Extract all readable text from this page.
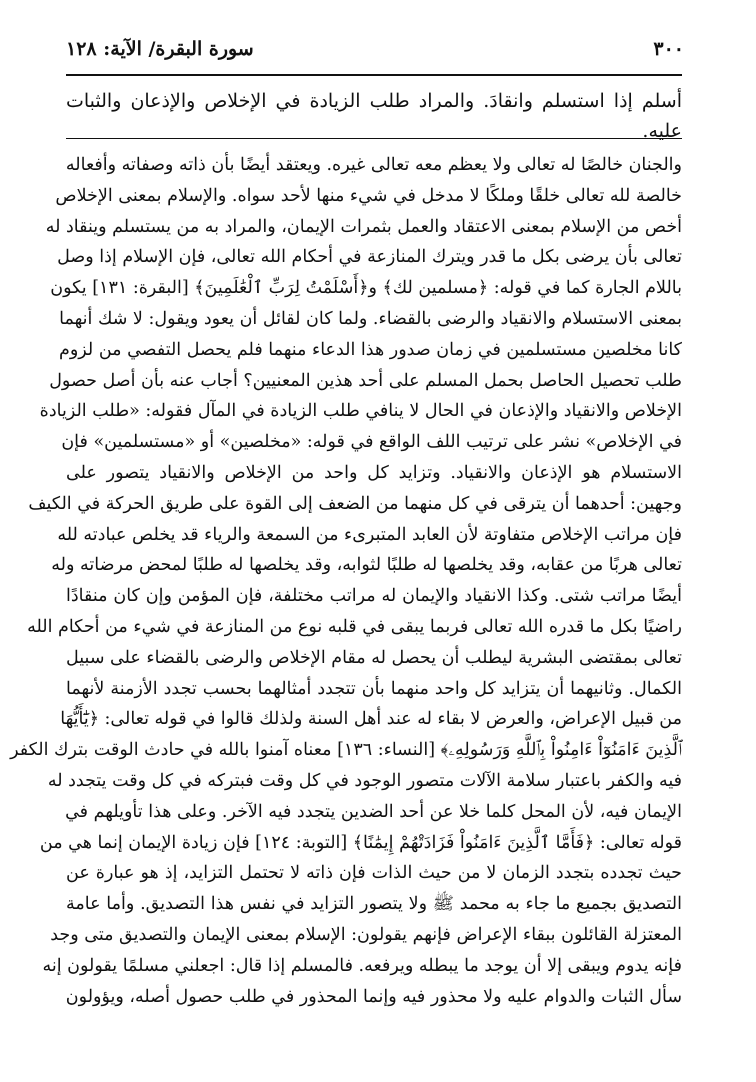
٣٠٠
سورة البقرة/ الآية: ١٢٨
أسلم إذا استسلم وانقادَ. والمراد طلب الزيادة في الإخلاص والإذعان والثبات عليه.
والجنان خالصًا له تعالى ولا يعظم معه تعالى غيره. ويعتقد أيضًا بأن ذاته وصفاته وأفعاله
خالصة لله تعالى خلقًا وملكًا لا مدخل في شيء منها لأحد سواه. والإسلام بمعنى الإخلاص
أخص من الإسلام بمعنى الاعتقاد والعمل بثمرات الإيمان، والمراد به من يستسلم وينقاد له
تعالى بأن يرضى بكل ما قدر ويترك المنازعة في أحكام الله تعالى، فإن الإسلام إذا وصل
باللام الجارة كما في قوله: ﴿مسلمين لك﴾ و﴿أَسْلَمْتُ لِرَبِّ ٱلْعَٰلَمِينَ﴾ [البقرة: ١٣١] يكون
بمعنى الاستسلام والانقياد والرضى بالقضاء. ولما كان لقائل أن يعود ويقول: لا شك أنهما
كانا مخلصين مستسلمين في زمان صدور هذا الدعاء منهما فلم يحصل التفصي من لزوم
طلب تحصيل الحاصل بحمل المسلم على أحد هذين المعنيين؟ أجاب عنه بأن أصل حصول
الإخلاص والانقياد والإذعان في الحال لا ينافي طلب الزيادة في المآل فقوله: «طلب الزيادة
في الإخلاص» نشر على ترتيب اللف الواقع في قوله: «مخلصين» أو «مستسلمين» فإن
الاستسلام هو الإذعان والانقياد. وتزايد كل واحد من الإخلاص والانقياد يتصور على
وجهين: أحدهما أن يترقى في كل منهما من الضعف إلى القوة على طريق الحركة في الكيف
فإن مراتب الإخلاص متفاوتة لأن العابد المتبرىء من السمعة والرياء قد يخلص عبادته لله
تعالى هربًا من عقابه، وقد يخلصها له طلبًا لثوابه، وقد يخلصها له طلبًا لمحض مرضاته وله
أيضًا مراتب شتى. وكذا الانقياد والإيمان له مراتب مختلفة، فإن المؤمن وإن كان منقادًا
راضيًا بكل ما قدره الله تعالى فربما يبقى في قلبه نوع من المنازعة في شيء من أحكام الله
تعالى بمقتضى البشرية ليطلب أن يحصل له مقام الإخلاص والرضى بالقضاء على سبيل
الكمال. وثانيهما أن يتزايد كل واحد منهما بأن تتجدد أمثالهما بحسب تجدد الأزمنة لأنهما
من قبيل الإعراض، والعرض لا بقاء له عند أهل السنة ولذلك قالوا في قوله تعالى: ﴿يَٰٓأَيُّهَا
ٱلَّذِينَ ءَامَنُوٓاْ ءَامِنُواْ بِٱللَّهِ وَرَسُولِهِۦ﴾ [النساء: ١٣٦] معناه آمنوا بالله في حادث الوقت بترك الكفر
فيه والكفر باعتبار سلامة الآلات متصور الوجود في كل وقت فبتركه في كل وقت يتجدد له
الإيمان فيه، لأن المحل كلما خلا عن أحد الضدين يتجدد فيه الآخر. وعلى هذا تأويلهم في
قوله تعالى: ﴿فَأَمَّا ٱلَّذِينَ ءَامَنُواْ فَزَادَتْهُمْ إِيمَٰنًا﴾ [التوبة: ١٢٤] فإن زيادة الإيمان إنما هي من
حيث تجدده بتجدد الزمان لا من حيث الذات فإن ذاته لا تحتمل التزايد، إذ هو عبارة عن
التصديق بجميع ما جاء به محمد ﷺ ولا يتصور التزايد في نفس هذا التصديق. وأما عامة
المعتزلة القائلون ببقاء الإعراض فإنهم يقولون: الإسلام بمعنى الإيمان والتصديق متى وجد
فإنه يدوم ويبقى إلا أن يوجد ما يبطله ويرفعه. فالمسلم إذا قال: اجعلني مسلمًا يقولون إنه
سأل الثبات والدوام عليه ولا محذور فيه وإنما المحذور في طلب حصول أصله، ويؤولون
